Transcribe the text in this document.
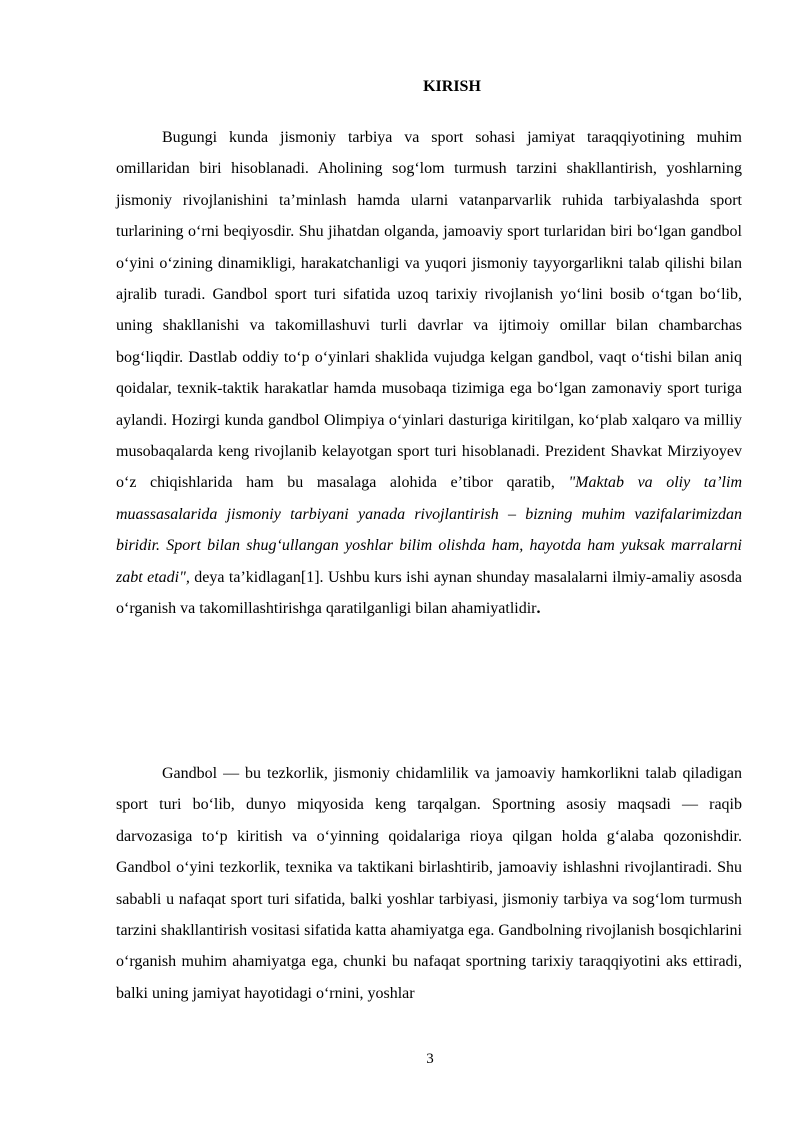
KIRISH

Bugungi kunda jismoniy tarbiya va sport sohasi jamiyat taraqqiyotining muhim omillaridan biri hisoblanadi. Aholining sog‘lom turmush tarzini shakllantirish, yoshlarning jismoniy rivojlanishini ta’minlash hamda ularni vatanparvarlik ruhida tarbiyalashda sport turlarining o‘rni beqiyosdir. Shu jihatdan olganda, jamoaviy sport turlaridan biri bo‘lgan gandbol o‘yini o‘zining dinamikligi, harakatchanligi va yuqori jismoniy tayyorgarlikni talab qilishi bilan ajralib turadi. Gandbol sport turi sifatida uzoq tarixiy rivojlanish yo‘lini bosib o‘tgan bo‘lib, uning shakllanishi va takomillashuvi turli davrlar va ijtimoiy omillar bilan chambarchas bog‘liqdir. Dastlab oddiy to‘p o‘yinlari shaklida vujudga kelgan gandbol, vaqt o‘tishi bilan aniq qoidalar, texnik-taktik harakatlar hamda musobaqa tizimiga ega bo‘lgan zamonaviy sport turiga aylandi. Hozirgi kunda gandbol Olimpiya o‘yinlari dasturiga kiritilgan, ko‘plab xalqaro va milliy musobaqalarda keng rivojlanib kelayotgan sport turi hisoblanadi. Prezident Shavkat Mirziyoyev o‘z chiqishlarida ham bu masalaga alohida e’tibor qaratib, "Maktab va oliy ta’lim muassasalarida jismoniy tarbiyani yanada rivojlantirish – bizning muhim vazifalarimizdan biridir. Sport bilan shug‘ullangan yoshlar bilim olishda ham, hayotda ham yuksak marralarni zabt etadi", deya ta’kidlagan[1]. Ushbu kurs ishi aynan shunday masalalarni ilmiy-amaliy asosda o‘rganish va takomillashtirishga qaratilganligi bilan ahamiyatlidir.

Gandbol — bu tezkorlik, jismoniy chidamlilik va jamoaviy hamkorlikni talab qiladigan sport turi bo‘lib, dunyo miqyosida keng tarqalgan. Sportning asosiy maqsadi — raqib darvozasiga to‘p kiritish va o‘yinning qoidalariga rioya qilgan holda g‘alaba qozonishdir. Gandbol o‘yini tezkorlik, texnika va taktikani birlashtirib, jamoaviy ishlashni rivojlantiradi. Shu sababli u nafaqat sport turi sifatida, balki yoshlar tarbiyasi, jismoniy tarbiya va sog‘lom turmush tarzini shakllantirish vositasi sifatida katta ahamiyatga ega. Gandbolning rivojlanish bosqichlarini o‘rganish muhim ahamiyatga ega, chunki bu nafaqat sportning tarixiy taraqqiyotini aks ettiradi, balki uning jamiyat hayotidagi o‘rnini, yoshlar

3
